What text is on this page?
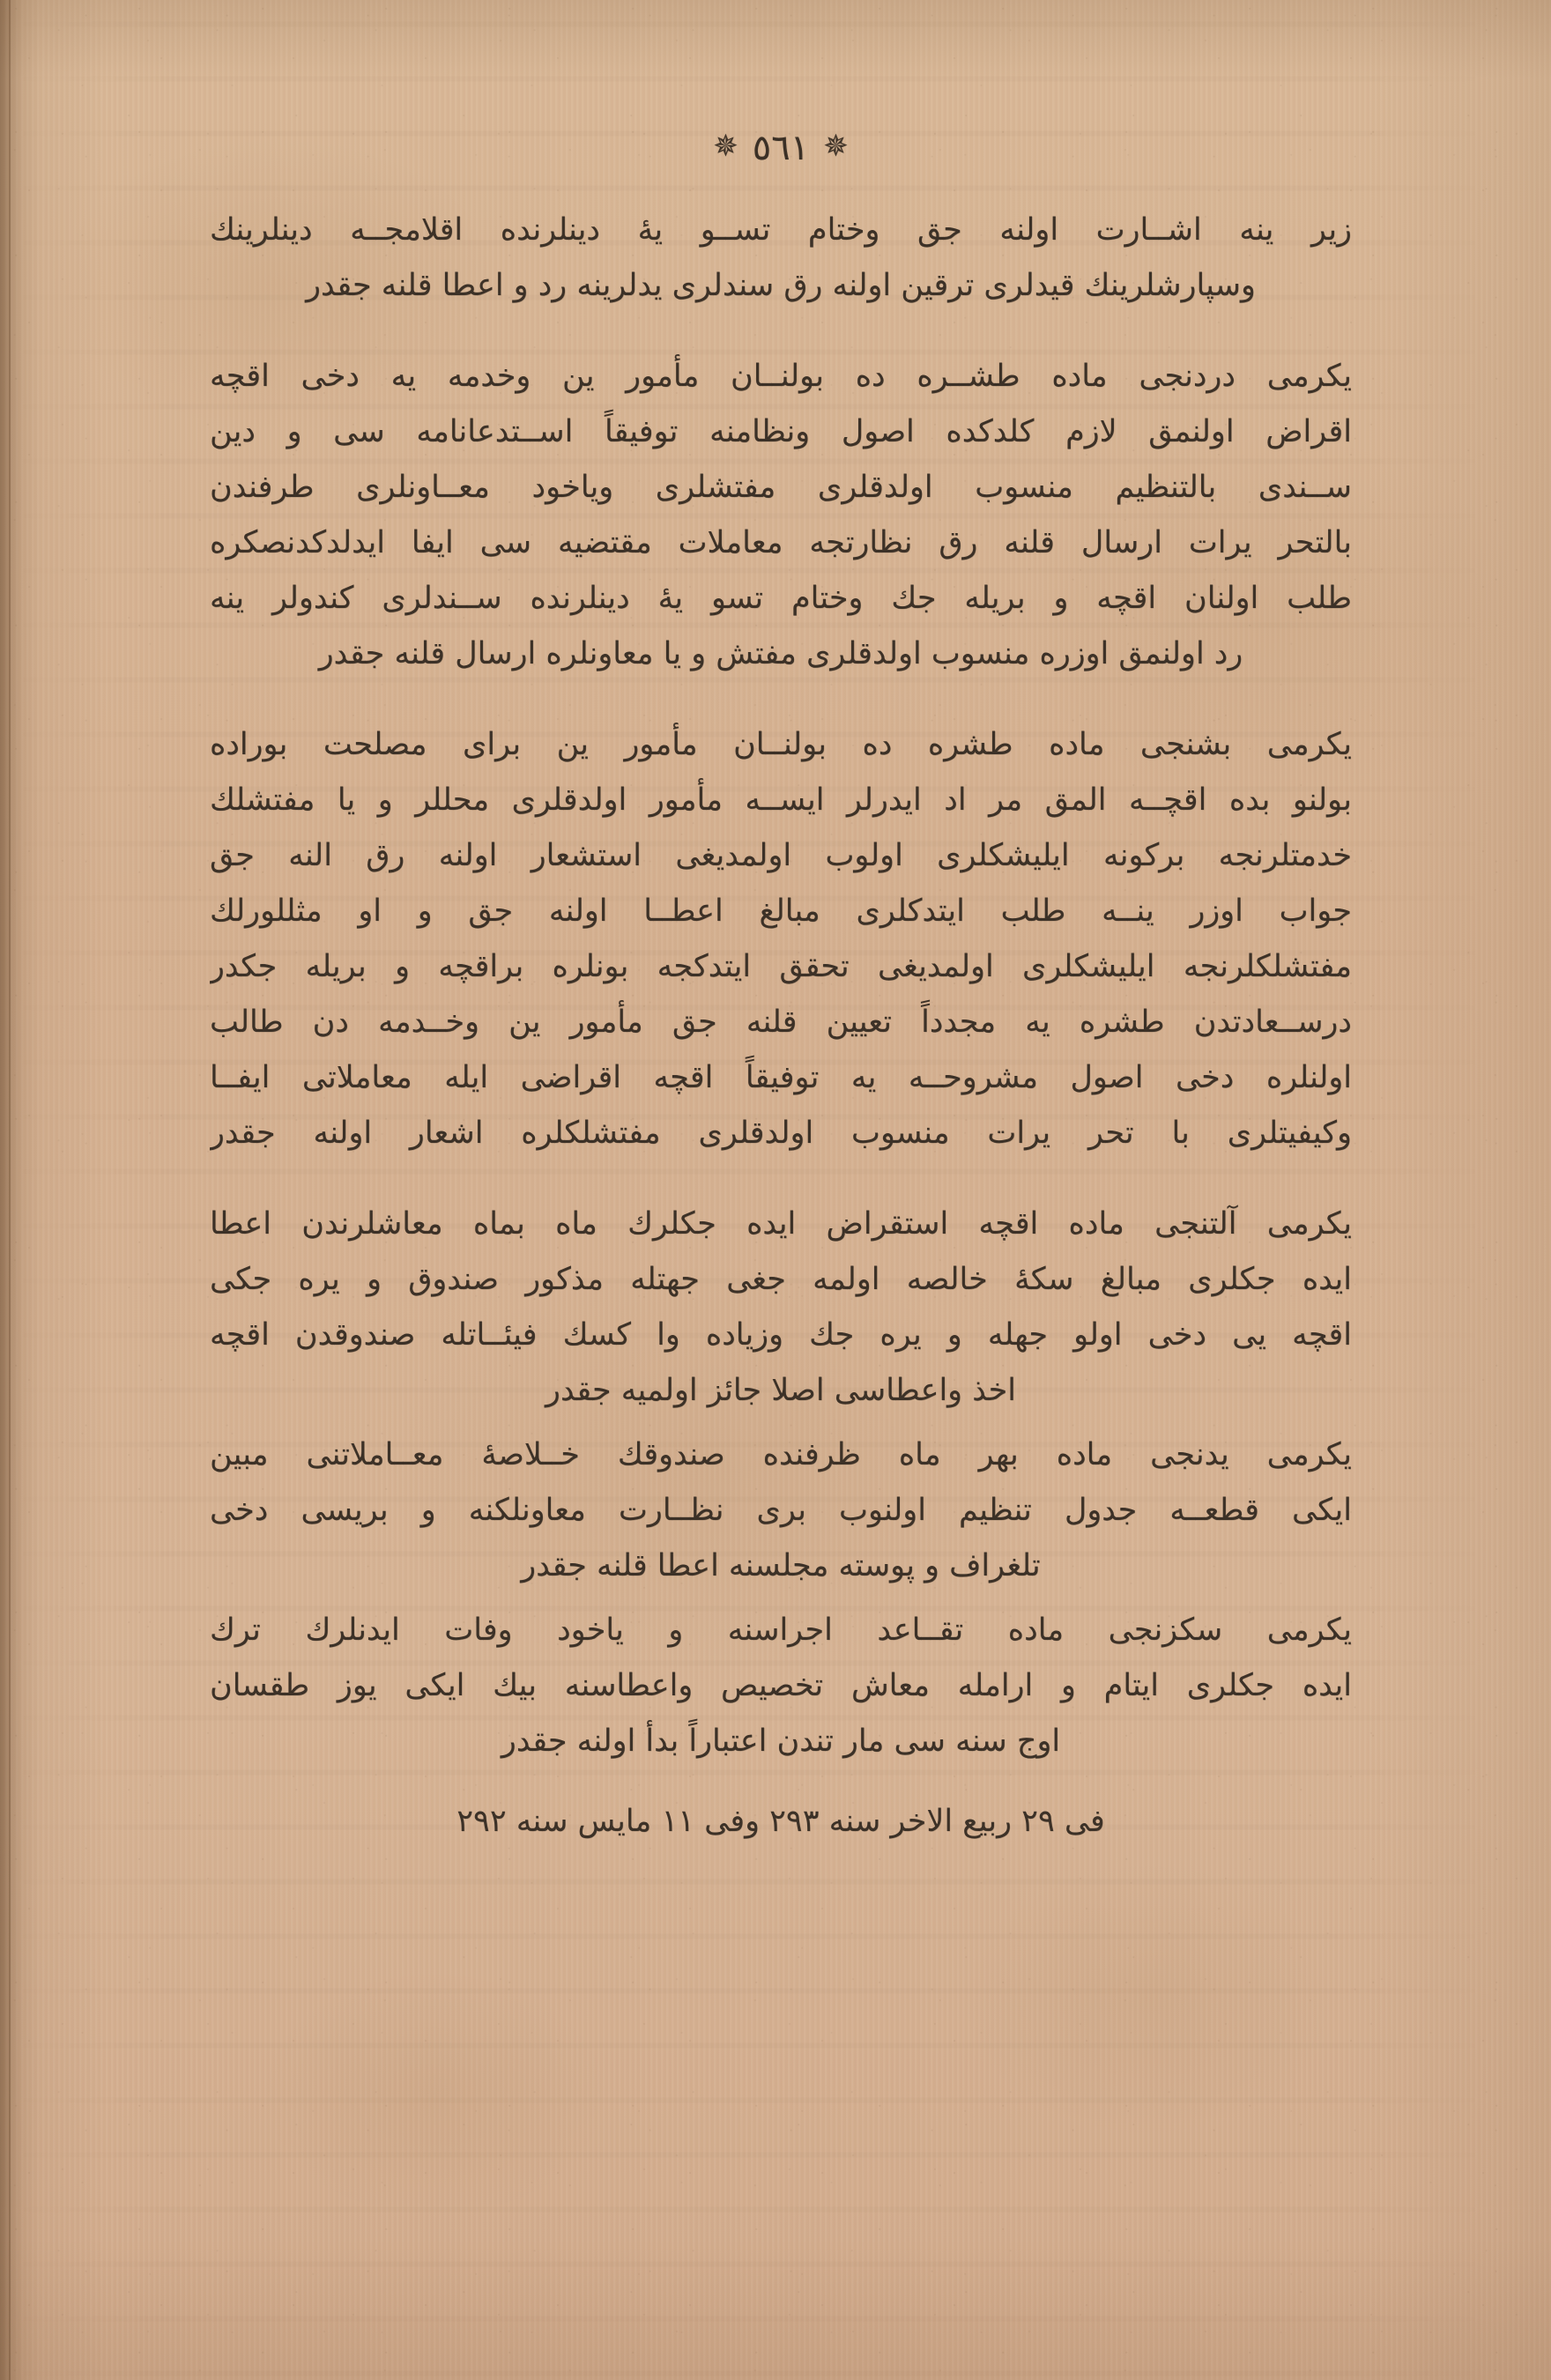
✵
٥٦١
✵
زير ينه اشــارت اولنه جق وختام تســو يهٔ دينلرنده اقلامجــه دينلرينك
وسپارشلرينك قيدلرى ترقين اولنه رق سندلرى يدلرينه رد و اعطا قلنه جقدر
يكرمى دردنجى ماده طشــره ده بولنــان مأمور ين وخدمه يه دخى اقچه
اقراض اولنمق لازم كلدكده اصول ونظامنه توفيقاً اســتدعانامه سى و دين
ســندى بالتنظيم منسوب اولدقلرى مفتشلرى وياخود معــاونلرى طرفندن
بالتحر يرات ارسال قلنه رق نظارتجه معاملات مقتضيه سى ايفا ايدلدكدنصكره
طلب اولنان اقچه و بريله جك وختام تسو يهٔ دينلرنده ســندلرى كندولر ينه
رد اولنمق اوزره منسوب اولدقلرى مفتش و يا معاونلره ارسال قلنه جقدر
يكرمى بشنجى ماده طشره ده بولنــان مأمور ين براى مصلحت بوراده
بولنو بده اقچــه المق مر اد ايدرلر ايســه مأمور اولدقلرى محللر و يا مفتشلك
خدمتلرنجه بركونه ايليشكلرى اولوب اولمديغى استشعار اولنه رق النه جق
جواب اوزر ينــه طلب ايتدكلرى مبالغ اعطــا اولنه جق و او مثللورلك
مفتشلكلرنجه ايليشكلرى اولمديغى تحقق ايتدكجه بونلره براقچه و بريله جكدر
درســعادتدن طشره يه مجدداً تعيين قلنه جق مأمور ين وخــدمه دن طالب
اولنلره دخى اصول مشروحــه يه توفيقاً اقچه اقراضى ايله معاملاتى ايفــا
وكيفيتلرى با تحر يرات منسوب اولدقلرى مفتشلكلره اشعار اولنه جقدر
يكرمى آلتنجى ماده اقچه استقراض ايده جكلرك ماه بماه معاشلرندن اعطا
ايده جكلرى مبالغ سكهٔ خالصه اولمه جغى جهتله مذكور صندوق و يره جكى
اقچه يى دخى اولو جهله و يره جك وزياده وا كسك فيئــاتله صندوقدن اقچه
اخذ واعطاسى اصلا جائز اولميه جقدر
يكرمى يدنجى ماده بهر ماه ظرفنده صندوقك خــلاصهٔ معــاملاتنى مبين
ايكى قطعــه جدول تنظيم اولنوب برى نظــارت معاونلكنه و بريسى دخى
تلغراف و پوسته مجلسنه اعطا قلنه جقدر
يكرمى سكزنجى ماده تقــاعد اجراسنه و ياخود وفات ايدنلرك ترك
ايده جكلرى ايتام و ارامله معاش تخصيص واعطاسنه بيك ايكى يوز طقسان
اوج سنه سى مار تندن اعتباراً بدأ اولنه جقدر
فى ٢٩ ربيع الاخر سنه ٢٩٣ وفى ١١ مايس سنه ٢٩٢
